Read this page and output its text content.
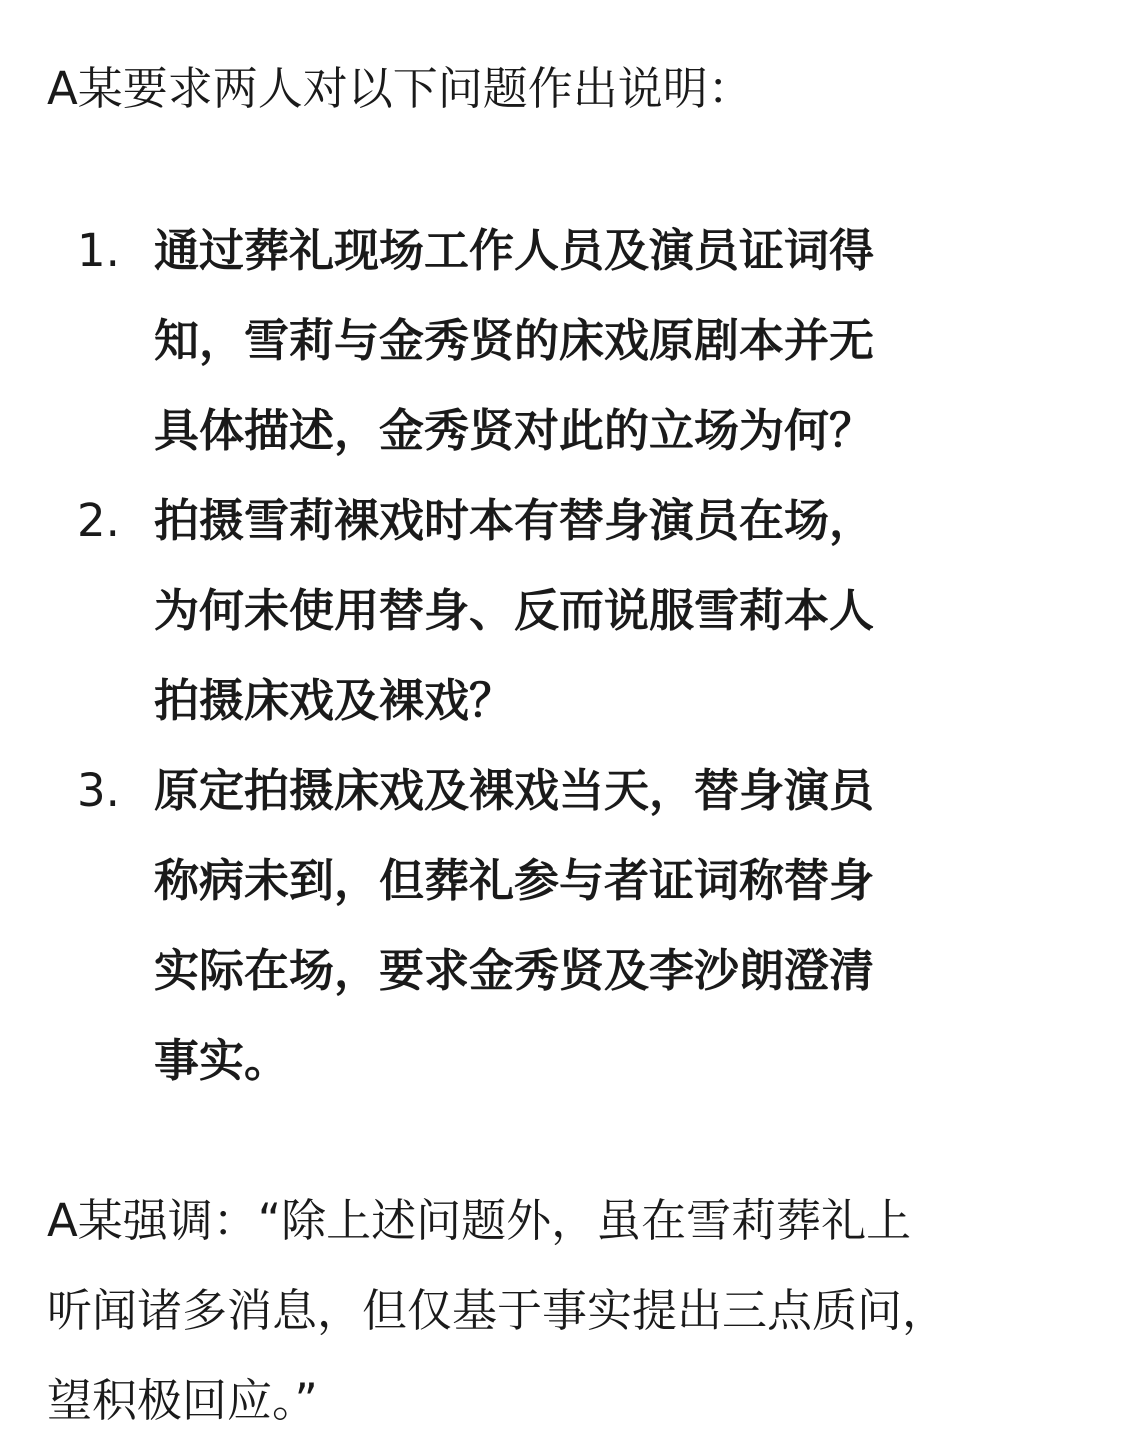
A某要求两人对以下问题作出说明：

1. 通过葬礼现场工作人员及演员证词得
知，雪莉与金秀贤的床戏原剧本并无
具体描述，金秀贤对此的立场为何？
2. 拍摄雪莉裸戏时本有替身演员在场，
为何未使用替身、反而说服雪莉本人
拍摄床戏及裸戏？
3. 原定拍摄床戏及裸戏当天，替身演员
称病未到，但葬礼参与者证词称替身
实际在场，要求金秀贤及李沙朗澄清
事实。

A某强调：“除上述问题外，虽在雪莉葬礼上
听闻诸多消息，但仅基于事实提出三点质问，
望积极回应。”
